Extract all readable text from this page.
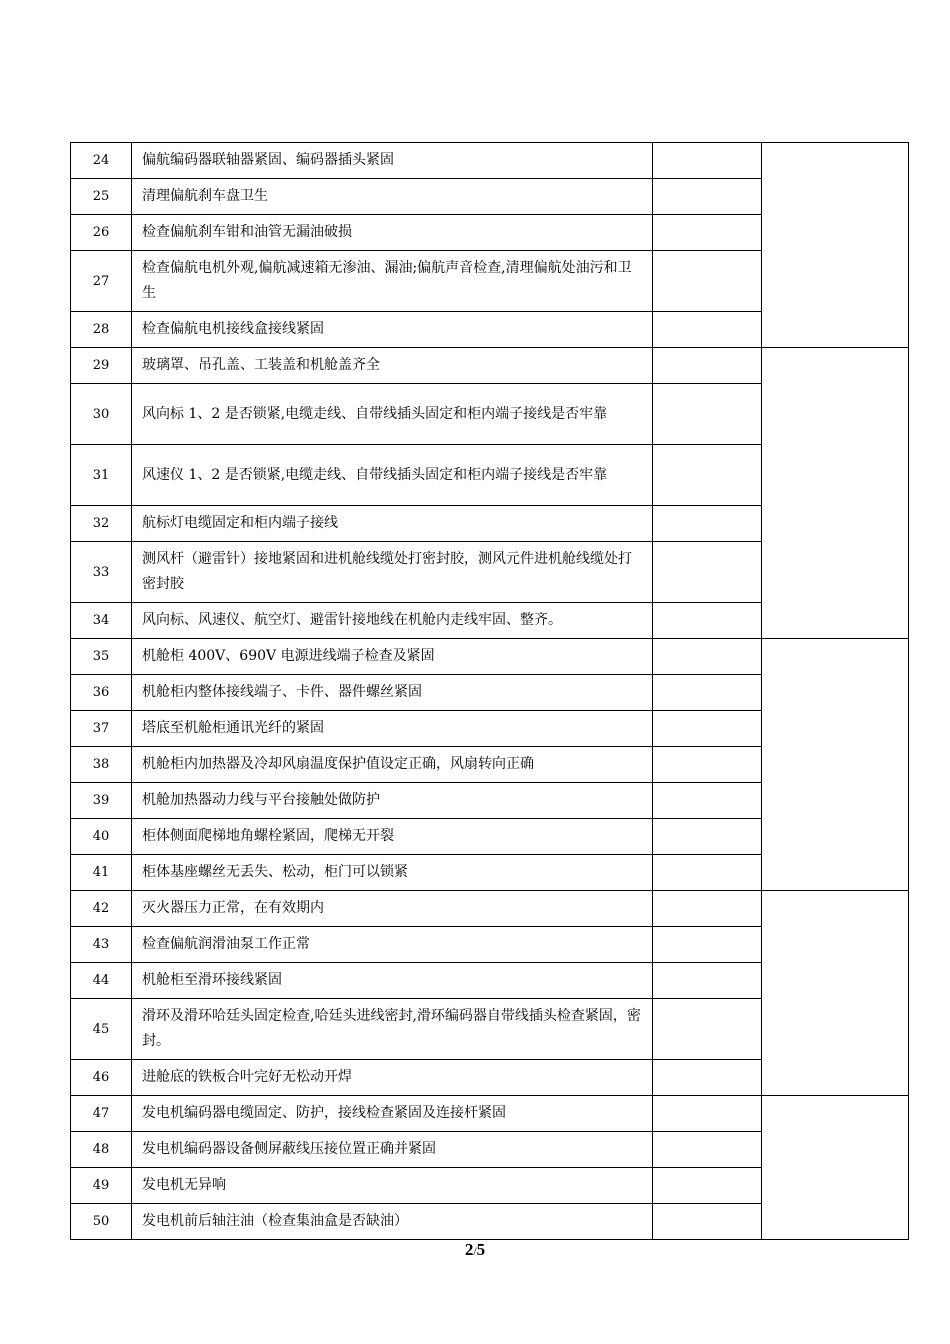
24	偏航编码器联轴器紧固、编码器插头紧固		
25	清理偏航刹车盘卫生		
26	检查偏航刹车钳和油管无漏油破损		
27	检查偏航电机外观,偏航减速箱无渗油、漏油;偏航声音检查,清理偏航处油污和卫生		
28	检查偏航电机接线盒接线紧固		
29	玻璃罩、吊孔盖、工装盖和机舱盖齐全		
30	风向标 1、2 是否锁紧,电缆走线、自带线插头固定和柜内端子接线是否牢靠		
31	风速仪 1、2 是否锁紧,电缆走线、自带线插头固定和柜内端子接线是否牢靠		
32	航标灯电缆固定和柜内端子接线		
33	测风杆（避雷针）接地紧固和进机舱线缆处打密封胶，测风元件进机舱线缆处打密封胶		
34	风向标、风速仪、航空灯、避雷针接地线在机舱内走线牢固、整齐。		
35	机舱柜 400V、690V 电源进线端子检查及紧固		
36	机舱柜内整体接线端子、卡件、器件螺丝紧固		
37	塔底至机舱柜通讯光纤的紧固		
38	机舱柜内加热器及冷却风扇温度保护值设定正确，风扇转向正确		
39	机舱加热器动力线与平台接触处做防护		
40	柜体侧面爬梯地角螺栓紧固，爬梯无开裂		
41	柜体基座螺丝无丢失、松动，柜门可以锁紧		
42	灭火器压力正常，在有效期内		
43	检查偏航润滑油泵工作正常		
44	机舱柜至滑环接线紧固		
45	滑环及滑环哈廷头固定检查,哈廷头进线密封,滑环编码器自带线插头检查紧固，密封。		
46	进舱底的铁板合叶完好无松动开焊		
47	发电机编码器电缆固定、防护，接线检查紧固及连接杆紧固		
48	发电机编码器设备侧屏蔽线压接位置正确并紧固		
49	发电机无异响		
50	发电机前后轴注油（检查集油盒是否缺油）		
2/5
